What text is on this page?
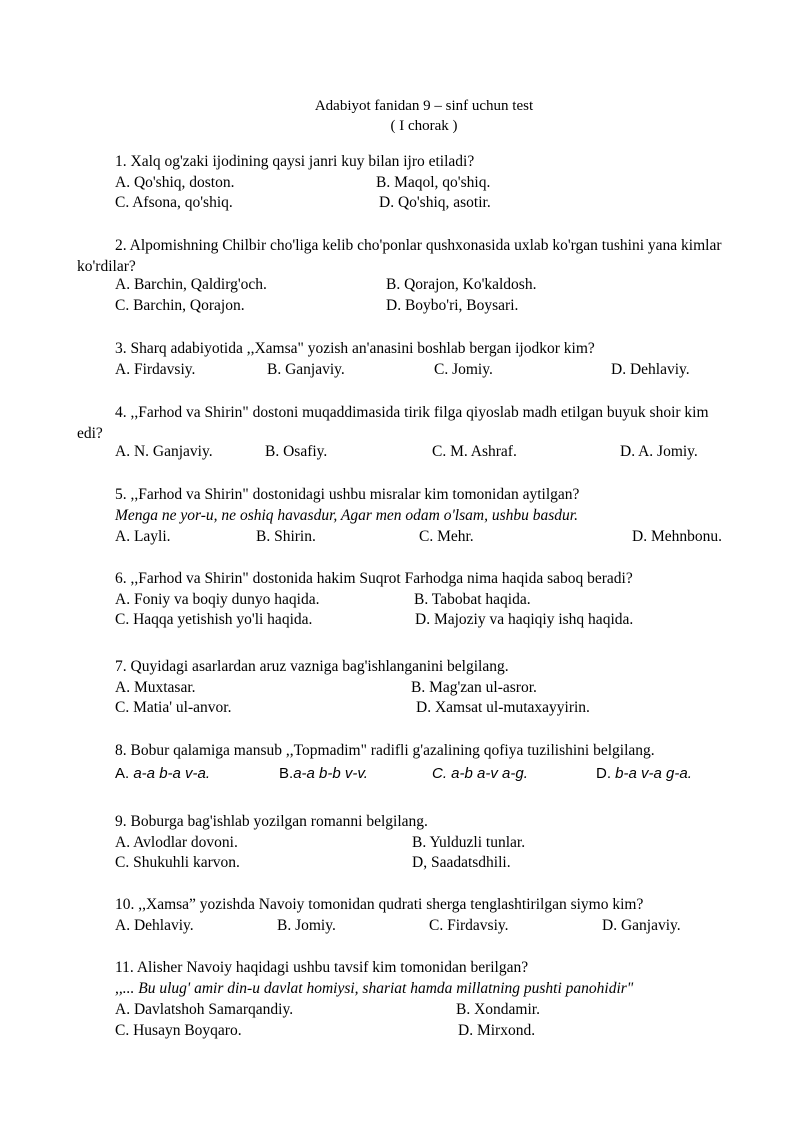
Adabiyot fanidan 9 – sinf uchun test
( I chorak )
1. Xalq og'zaki ijodining qaysi janri kuy bilan ijro etiladi?
A. Qo'shiq, doston.	B. Maqol, qo'shiq.
C. Afsona, qo'shiq.	D. Qo'shiq, asotir.
2. Alpomishning Chilbir cho'liga kelib cho'ponlar qushxonasida uxlab ko'rgan tushini yana kimlar ko'rdilar?
A. Barchin, Qaldirg'och.	B. Qorajon, Ko'kaldosh.
C. Barchin, Qorajon.	D. Boybo'ri, Boysari.
3. Sharq adabiyotida ,,Xamsa" yozish an'anasini boshlab bergan ijodkor kim?
A. Firdavsiy.	B. Ganjaviy.	C. Jomiy.	D. Dehlaviy.
4. ,,Farhod va Shirin" dostoni muqaddimasida tirik filga qiyoslab madh etilgan buyuk shoir kim edi?
A. N. Ganjaviy.	B. Osafiy.	C. M. Ashraf.	D. A. Jomiy.
5. ,,Farhod va Shirin" dostonidagi ushbu misralar kim tomonidan aytilgan?
Menga ne yor-u, ne oshiq havasdur, Agar men odam o'lsam, ushbu basdur.
A. Layli.	B. Shirin.	C. Mehr.	D. Mehnbonu.
6. ,,Farhod va Shirin" dostonida hakim Suqrot Farhodga nima haqida saboq beradi?
A. Foniy va boqiy dunyo haqida.	B. Tabobat haqida.
C. Haqqa yetishish yo'li haqida.	D. Majoziy va haqiqiy ishq haqida.
7. Quyidagi asarlardan aruz vazniga bag'ishlanganini belgilang.
A. Muxtasar.	B. Mag'zan ul-asror.
C. Matia' ul-anvor.	D. Xamsat ul-mutaxayyirin.
8. Bobur qalamiga mansub ,,Topmadim" radifli g'azalining qofiya tuzilishini belgilang.
A. a-a b-a v-a.	B.a-a b-b v-v.	C. a-b a-v a-g.	D. b-a v-a g-a.
9. Boburga bag'ishlab yozilgan romanni belgilang.
A. Avlodlar dovoni.	B. Yulduzli tunlar.
C. Shukuhli karvon.	D, Saadatsdhili.
10. ,,Xamsa” yozishda Navoiy tomonidan qudrati sherga tenglashtirilgan siymo kim?
A. Dehlaviy.	B. Jomiy.	C. Firdavsiy.	D. Ganjaviy.
11. Alisher Navoiy haqidagi ushbu tavsif kim tomonidan berilgan?
,,... Bu ulug' amir din-u davlat homiysi, shariat hamda millatning pushti panohidir"
A. Davlatshoh Samarqandiy.	B. Xondamir.
C. Husayn Boyqaro.	D. Mirxond.
